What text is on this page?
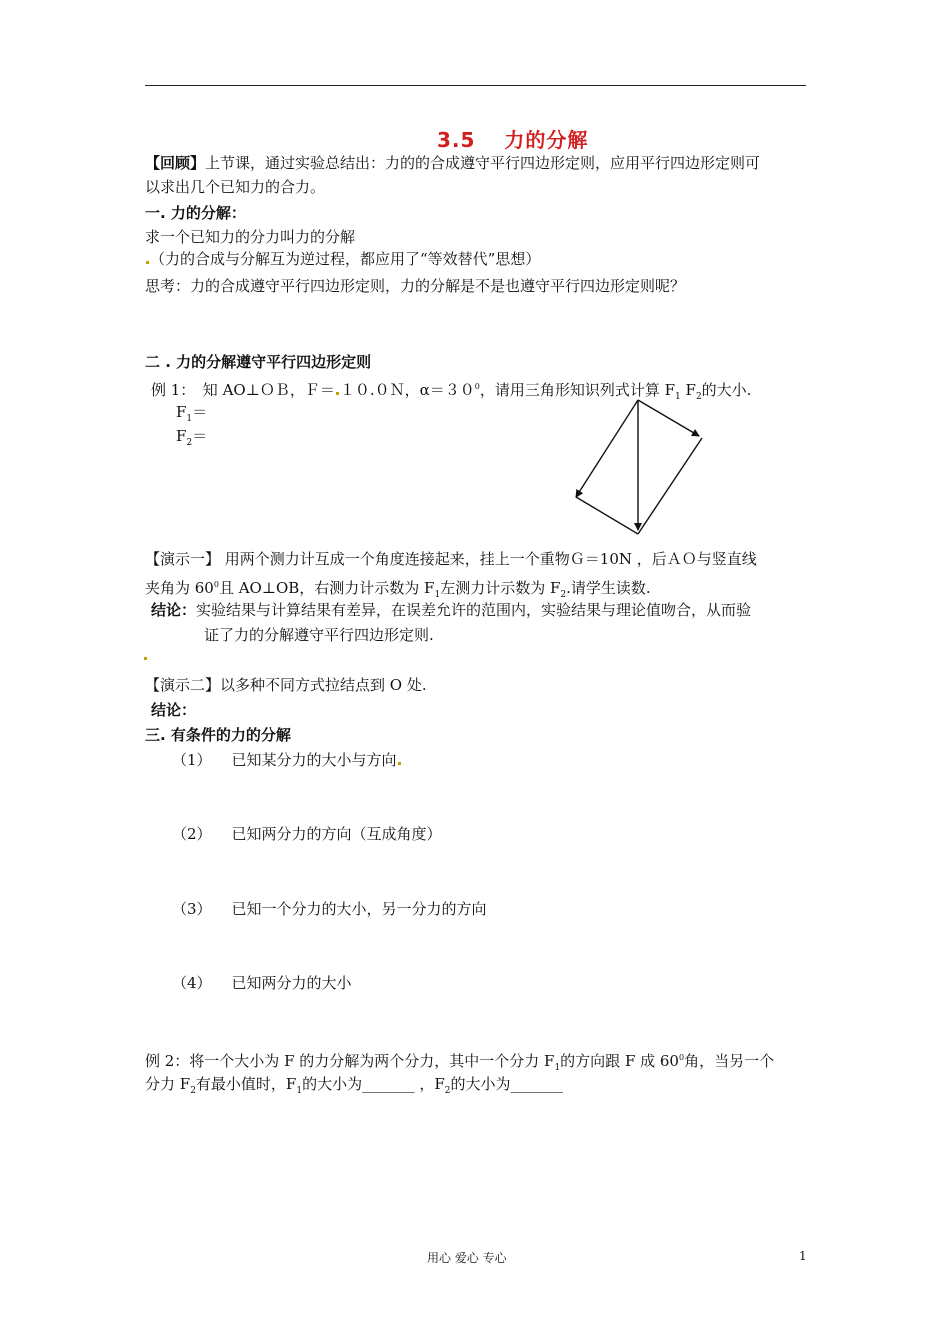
3.5　 力的分解
【回顾】上节课，通过实验总结出：力的的合成遵守平行四边形定则，应用平行四边形定则可
以求出几个已知力的合力。
一. 力的分解：
求一个已知力的分力叫力的分解
（力的合成与分解互为逆过程，都应用了“等效替代”思想）
思考：力的合成遵守平行四边形定则，力的分解是不是也遵守平行四边形定则呢？
二 . 力的分解遵守平行四边形定则
例 1：　知 AO⊥ＯＢ，Ｆ＝ １０.０Ｎ，$\alpha=30^0$，请用三角形知识列式计算 $F_1$ $F_2$的大小.
$F_1=$
$F_2=$
【演示一】 用两个测力计互成一个角度连接起来，挂上一个重物Ｇ＝10N ，后ＡＯ与竖直线
夹角为 $60^0$且 AO⊥OB，右测力计示数为 $F_1$左测力计示数为 $F_2$.请学生读数.
结论：实验结果与计算结果有差异，在误差允许的范围内，实验结果与理论值吻合，从而验
证了力的分解遵守平行四边形定则.
【演示二】以多种不同方式拉结点到 O 处.
结论：
三. 有条件的力的分解
（1） 已知某分力的大小与方向
（2） 已知两分力的方向（互成角度）
（3） 已知一个分力的大小，另一分力的方向
（4） 已知两分力的大小
例 2：将一个大小为 F 的力分解为两个分力，其中一个分力 $F_1$的方向跟 F 成 $60^0$角，当另一个
分力 $F_2$有最小值时，$F_1$的大小为_______ ，$F_2$的大小为_______
用心 爱心 专心	1
